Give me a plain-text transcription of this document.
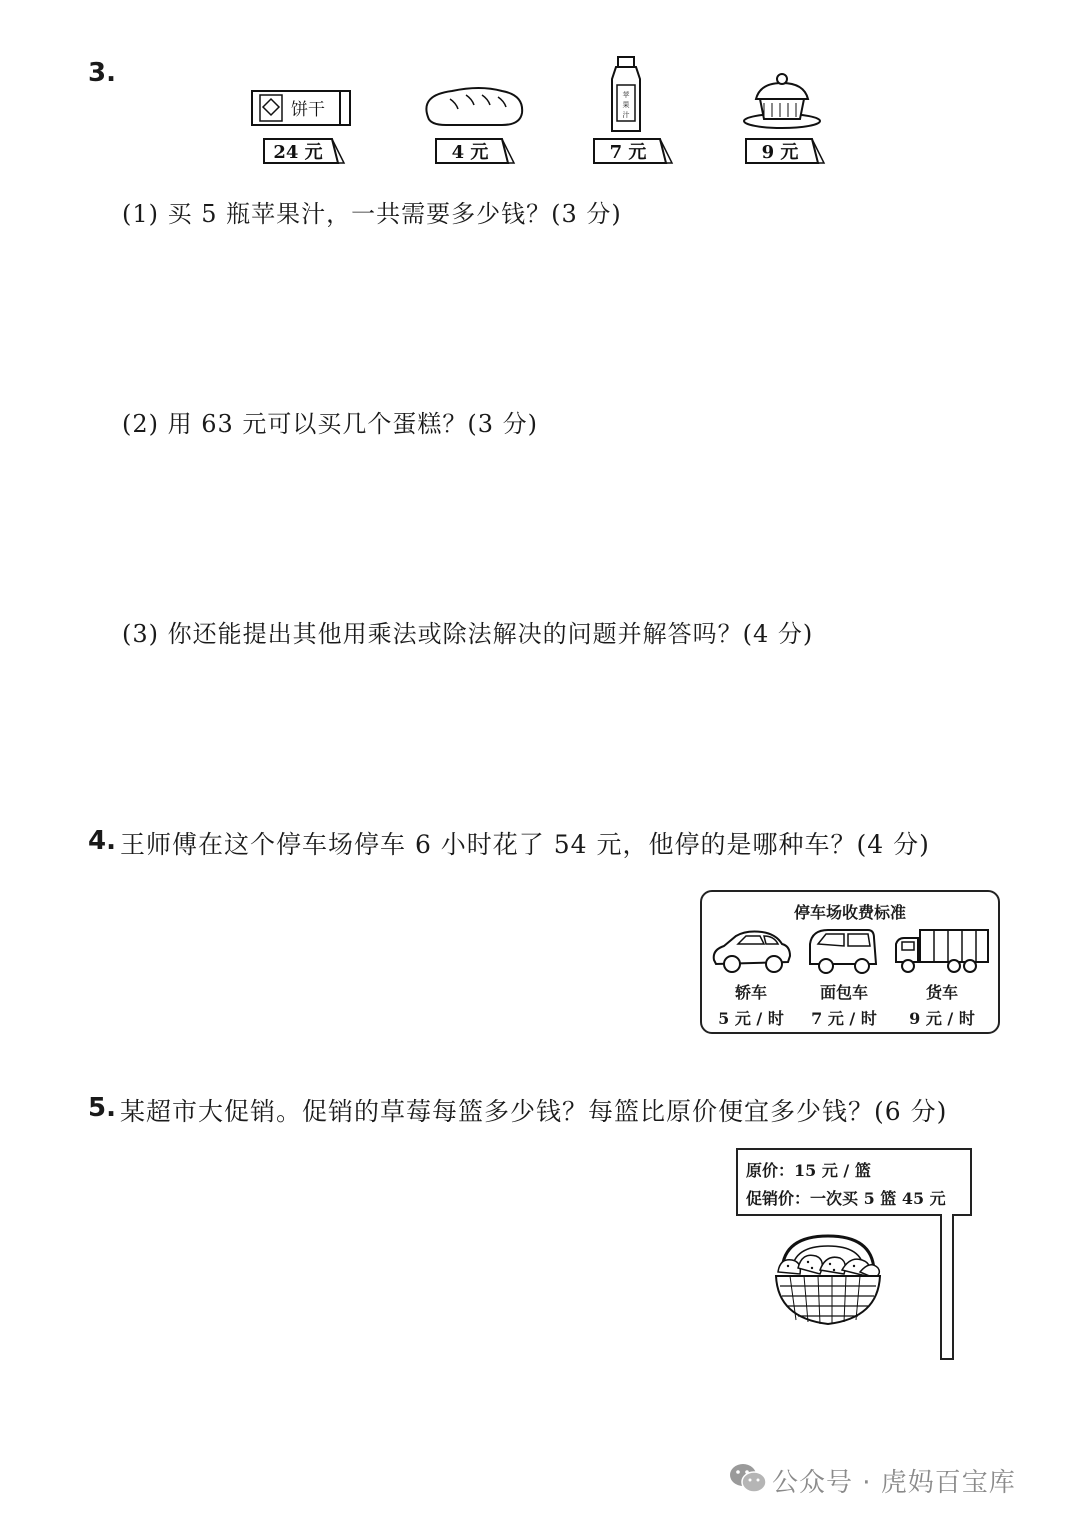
3.
饼干
苹
果
汁
24 元	4 元	7 元	9 元
(1) 买 5 瓶苹果汁，一共需要多少钱？(3 分)
(2) 用 63 元可以买几个蛋糕？(3 分)
(3) 你还能提出其他用乘法或除法解决的问题并解答吗？(4 分)
4. 王师傅在这个停车场停车 6 小时花了 54 元，他停的是哪种车？(4 分)
停车场收费标准
轿车	面包车	货车
5 元 / 时	7 元 / 时	9 元 / 时
5. 某超市大促销。促销的草莓每篮多少钱？每篮比原价便宜多少钱？(6 分)
原价：15 元 / 篮
促销价：一次买 5 篮 45 元
公众号 · 虎妈百宝库
